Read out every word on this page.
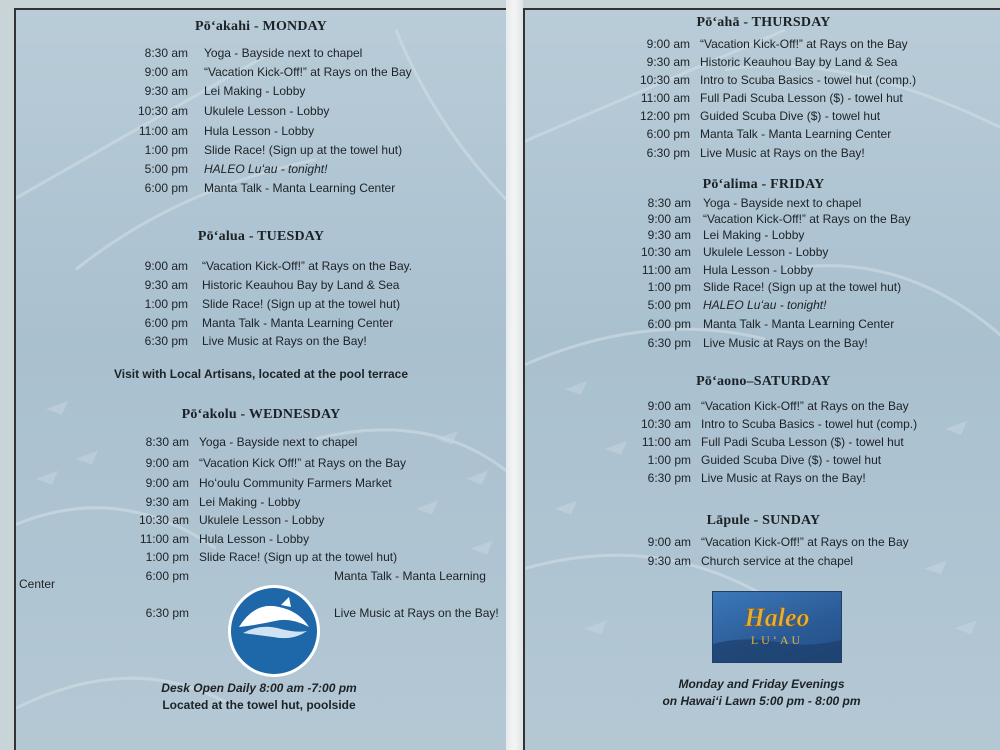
Pōʻakahi - MONDAY
8:30 am Yoga - Bayside next to chapel
9:00 am “Vacation Kick-Off!” at Rays on the Bay
9:30 am Lei Making - Lobby
10:30 am Ukulele Lesson - Lobby
11:00 am Hula Lesson - Lobby
1:00 pm Slide Race! (Sign up at the towel hut)
5:00 pm HALEO Luʻau - tonight!
6:00 pm Manta Talk - Manta Learning Center
Pōʻalua - TUESDAY
9:00 am “Vacation Kick-Off!” at Rays on the Bay.
9:30 am Historic Keauhou Bay by Land & Sea
1:00 pm Slide Race! (Sign up at the towel hut)
6:00 pm Manta Talk - Manta Learning Center
6:30 pm Live Music at Rays on the Bay!
Visit with Local Artisans, located at the pool terrace
Pōʻakolu - WEDNESDAY
8:30 am Yoga - Bayside next to chapel
9:00 am “Vacation Kick Off!” at Rays on the Bay
9:00 am Hoʻoulu Community Farmers Market
9:30 am Lei Making - Lobby
10:30 am Ukulele Lesson - Lobby
11:00 am Hula Lesson - Lobby
1:00 pm Slide Race! (Sign up at the towel hut)
6:00 pm	Manta Talk - Manta Learning
6:30 pm	Live Music at Rays on the Bay!
Center
Desk Open Daily 8:00 am -7:00 pm
Located at the towel hut, poolside
Pōʻahā - THURSDAY
9:00 am “Vacation Kick-Off!” at Rays on the Bay
9:30 am Historic Keauhou Bay by Land & Sea
10:30 am Intro to Scuba Basics - towel hut (comp.)
11:00 am Full Padi Scuba Lesson ($) - towel hut
12:00 pm Guided Scuba Dive ($) - towel hut
6:00 pm Manta Talk - Manta Learning Center
6:30 pm Live Music at Rays on the Bay!
Pōʻalima - FRIDAY
8:30 am Yoga - Bayside next to chapel
9:00 am “Vacation Kick-Off!” at Rays on the Bay
9:30 am Lei Making - Lobby
10:30 am Ukulele Lesson - Lobby
11:00 am Hula Lesson - Lobby
1:00 pm Slide Race! (Sign up at the towel hut)
5:00 pm HALEO Luʻau - tonight!
6:00 pm Manta Talk - Manta Learning Center
6:30 pm Live Music at Rays on the Bay!
Pōʻaono–SATURDAY
9:00 am “Vacation Kick-Off!” at Rays on the Bay
10:30 am Intro to Scuba Basics - towel hut (comp.)
11:00 am Full Padi Scuba Lesson ($) - towel hut
1:00 pm Guided Scuba Dive ($) - towel hut
6:30 pm Live Music at Rays on the Bay!
Lāpule - SUNDAY
9:00 am “Vacation Kick-Off!” at Rays on the Bay
9:30 am Church service at the chapel
Haleo
LUʻAU
Monday and Friday Evenings
on Hawaiʻi Lawn 5:00 pm - 8:00 pm
